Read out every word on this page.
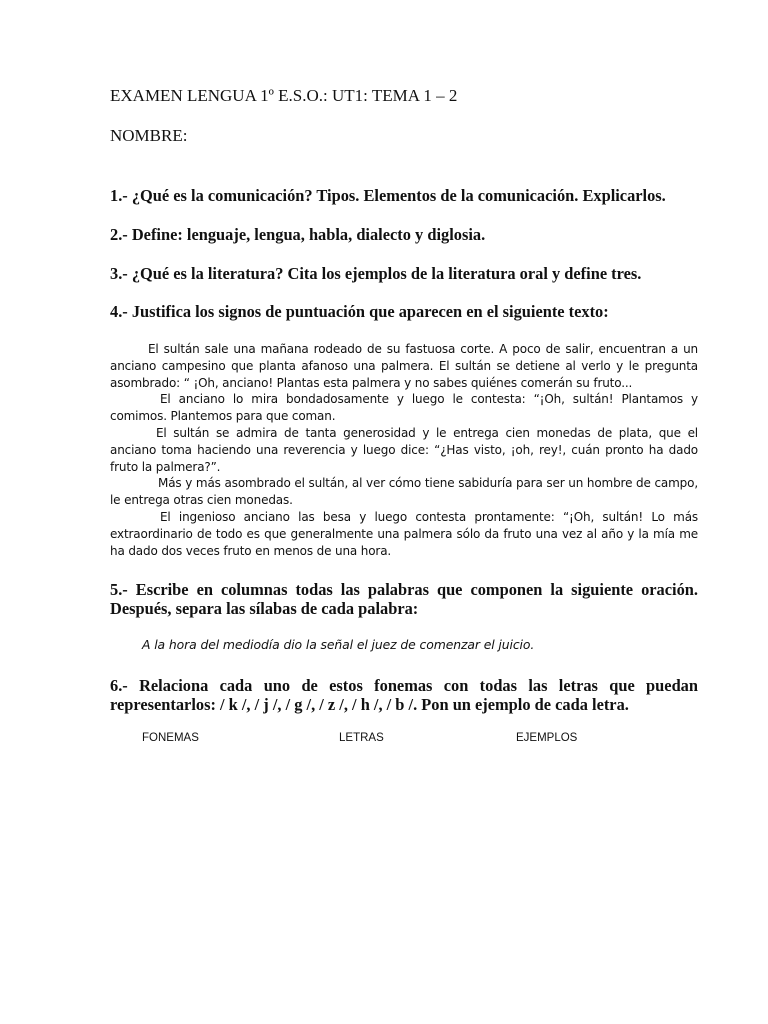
EXAMEN LENGUA 1º E.S.O.: UT1: TEMA 1 – 2
NOMBRE:
1.- ¿Qué es la comunicación? Tipos. Elementos de la comunicación. Explicarlos.
2.- Define: lenguaje, lengua, habla, dialecto y diglosia.
3.- ¿Qué es la literatura? Cita los ejemplos de la literatura oral y define tres.
4.- Justifica los signos de puntuación que aparecen en el siguiente texto:

El sultán sale una mañana rodeado de su fastuosa corte. A poco de salir, encuentran a un anciano campesino que planta afanoso una palmera. El sultán se detiene al verlo y le pregunta asombrado: “ ¡Oh, anciano! Plantas esta palmera y no sabes quiénes comerán su fruto...

El anciano lo mira bondadosamente y luego le contesta: “¡Oh, sultán! Plantamos y comimos. Plantemos para que coman.

El sultán se admira de tanta generosidad y le entrega cien monedas de plata, que el anciano toma haciendo una reverencia y luego dice: “¿Has visto, ¡oh, rey!, cuán pronto ha dado fruto la palmera?”.

Más y más asombrado el sultán, al ver cómo tiene sabiduría para ser un hombre de campo, le entrega otras cien monedas.

El ingenioso anciano las besa y luego contesta prontamente: “¡Oh, sultán! Lo más extraordinario de todo es que generalmente una palmera sólo da fruto una vez al año y la mía me ha dado dos veces fruto en menos de una hora.

5.- Escribe en columnas todas las palabras que componen la siguiente oración. Después, separa las sílabas de cada palabra:
A la hora del mediodía dio la señal el juez de comenzar el juicio.
6.- Relaciona cada uno de estos fonemas con todas las letras que puedan representarlos: / k /, / j /, / g /, / z /, / h /, / b /. Pon un ejemplo de cada letra.
FONEMAS	LETRAS	EJEMPLOS
